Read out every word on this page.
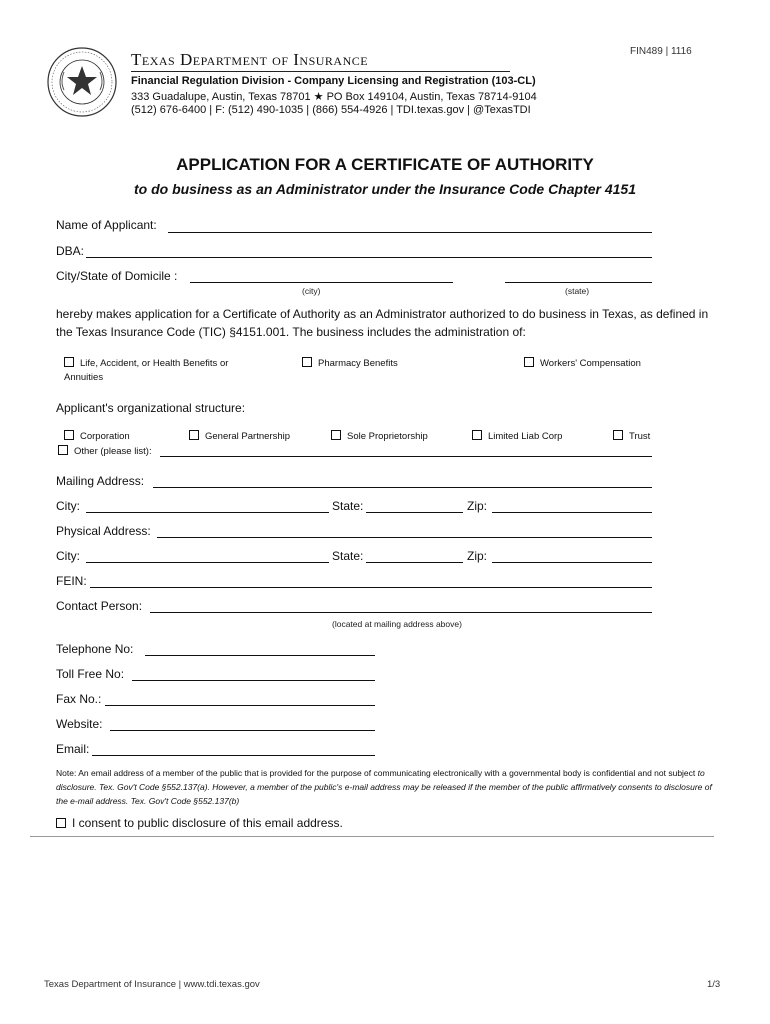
FIN489 | 1116
Texas Department of Insurance
Financial Regulation Division - Company Licensing and Registration (103-CL)
333 Guadalupe, Austin, Texas 78701 ★ PO Box 149104, Austin, Texas 78714-9104
(512) 676-6400 | F: (512) 490-1035 | (866) 554-4926 | TDI.texas.gov | @TexasTDI
APPLICATION FOR A CERTIFICATE OF AUTHORITY
to do business as an Administrator under the Insurance Code Chapter 4151
Name of Applicant:
DBA:
City/State of Domicile :
(city)	(state)
hereby makes application for a Certificate of Authority as an Administrator authorized to do business in Texas, as defined in the Texas Insurance Code (TIC) §4151.001. The business includes the administration of:
Life, Accident, or Health Benefits or
Annuities
Pharmacy Benefits	Workers' Compensation
Applicant's organizational structure:
Corporation	General Partnership	Sole Proprietorship	Limited Liab Corp	Trust
Other (please list):
Mailing Address:
City:	State:	Zip:
Physical Address:
City:	State:	Zip:
FEIN:
Contact Person:
(located at mailing address above)
Telephone No:
Toll Free No:
Fax No.:
Website:
Email:
Note: An email address of a member of the public that is provided for the purpose of communicating electronically with a governmental body is confidential and not subject to disclosure. Tex. Gov't Code §552.137(a). However, a member of the public's e-mail address may be released if the member of the public affirmatively consents to disclosure of the e-mail address. Tex. Gov't Code §552.137(b)
I consent to public disclosure of this email address.
Texas Department of Insurance | www.tdi.texas.gov	1/3
